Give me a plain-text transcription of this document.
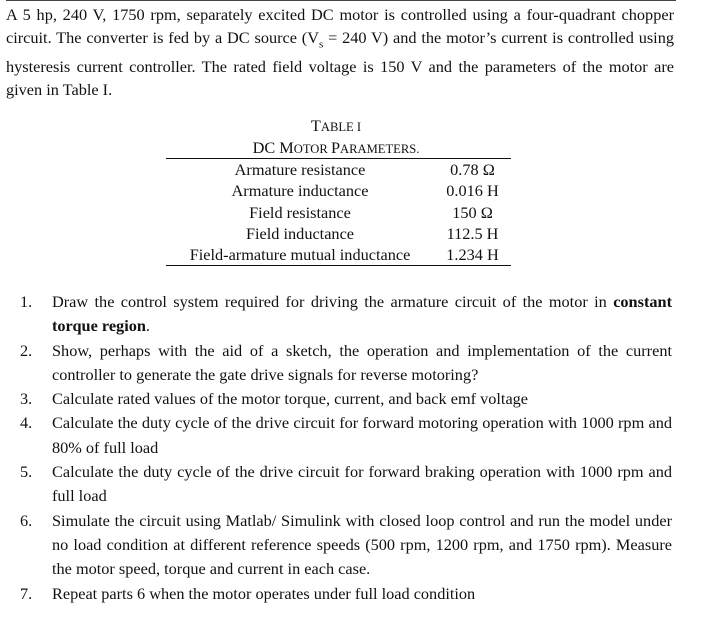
A 5 hp, 240 V, 1750 rpm, separately excited DC motor is controlled using a four-quadrant chopper circuit. The converter is fed by a DC source ($V_s = 240$ V) and the motor’s current is controlled using hysteresis current controller. The rated field voltage is 150 V and the parameters of the motor are given in Table I.

TABLE I
DC MOTOR PARAMETERS.
Armature resistance	0.78 Ω
Armature inductance	0.016 H
Field resistance	150 Ω
Field inductance	112.5 H
Field-armature mutual inductance	1.234 H
1. Draw the control system required for driving the armature circuit of the motor in constant torque region.
2. Show, perhaps with the aid of a sketch, the operation and implementation of the current controller to generate the gate drive signals for reverse motoring?
3. Calculate rated values of the motor torque, current, and back emf voltage
4. Calculate the duty cycle of the drive circuit for forward motoring operation with 1000 rpm and 80% of full load
5. Calculate the duty cycle of the drive circuit for forward braking operation with 1000 rpm and full load
6. Simulate the circuit using Matlab/ Simulink with closed loop control and run the model under no load condition at different reference speeds (500 rpm, 1200 rpm, and 1750 rpm). Measure the motor speed, torque and current in each case.
7. Repeat parts 6 when the motor operates under full load condition
